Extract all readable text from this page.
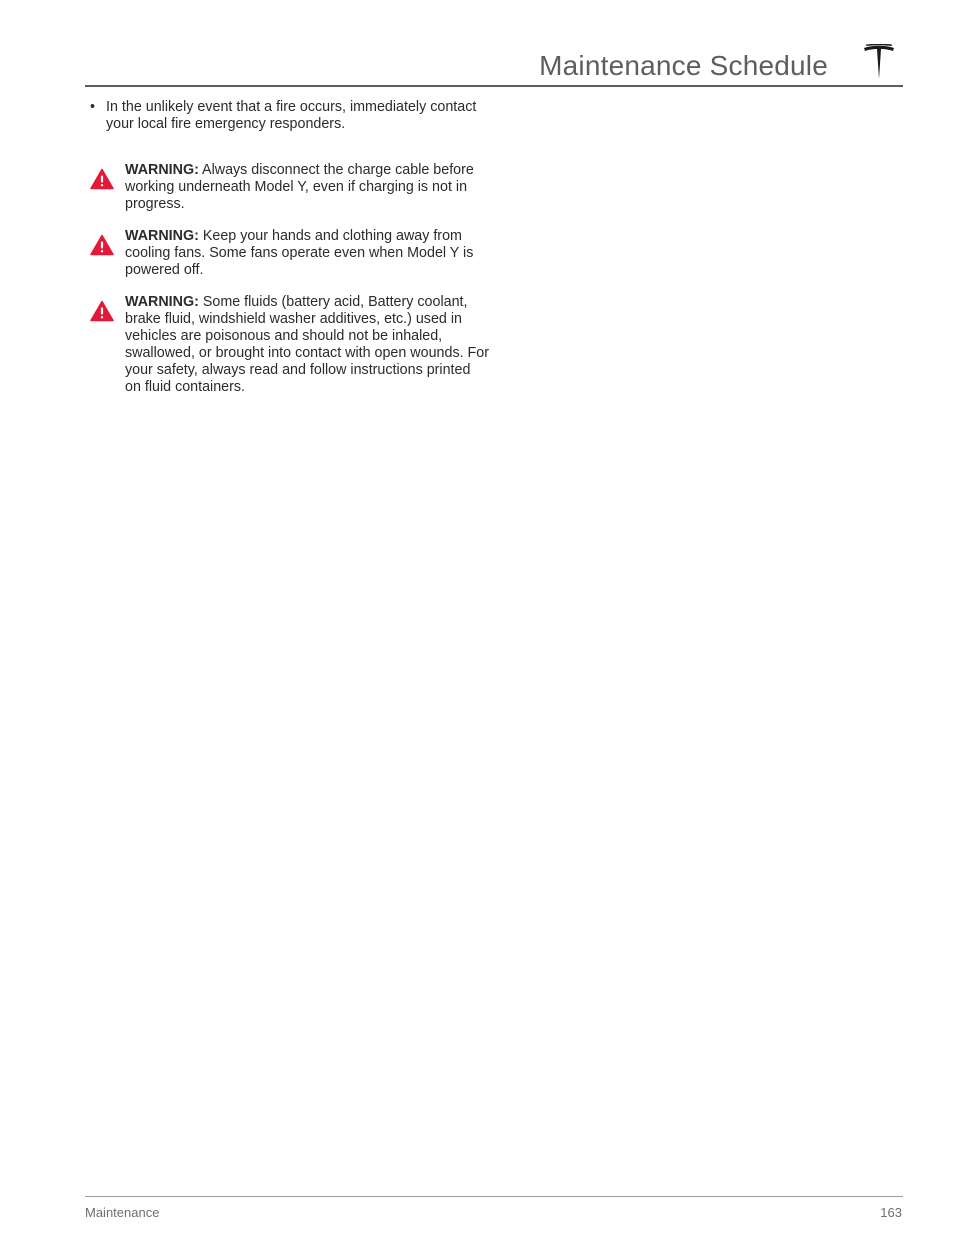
Maintenance Schedule
• In the unlikely event that a fire occurs, immediately contact your local fire emergency responders.
WARNING: Always disconnect the charge cable before working underneath Model Y, even if charging is not in progress.
WARNING: Keep your hands and clothing away from cooling fans. Some fans operate even when Model Y is powered off.
WARNING: Some fluids (battery acid, Battery coolant, brake fluid, windshield washer additives, etc.) used in vehicles are poisonous and should not be inhaled, swallowed, or brought into contact with open wounds. For your safety, always read and follow instructions printed on fluid containers.
Maintenance	163
